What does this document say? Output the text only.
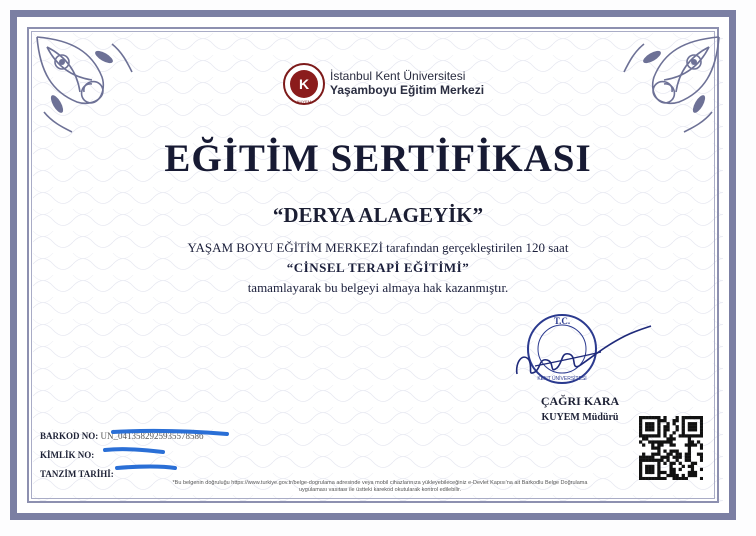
K
KUYEM
İstanbul Kent Üniversitesi
Yaşamboyu Eğitim Merkezi
EĞİTİM SERTİFİKASI
“DERYA ALAGEYİK”
YAŞAM BOYU EĞİTİM MERKEZİ tarafından gerçekleştirilen 120 saat
“CİNSEL TERAPİ EĞİTİMİ”
tamamlayarak bu belgeyi almaya hak kazanmıştır.
T.C.
KENT ÜNİVERSİTESİ
ÇAĞRI KARA
KUYEM Müdürü
BARKOD NO: UN_041358292593557858б
KİMLİK NO:
TANZİM TARİHİ:
*Bu belgenin doğruluğu https://www.turkiye.gov.tr/belge-dogrulama adresinde veya mobil cihazlarınıza yükleyebileceğiniz e-Devlet Kapısı'na ait Barkodlu Belge Doğrulama uygulaması vasıtası ile üstteki karekod okutularak kontrol edilebilir.
